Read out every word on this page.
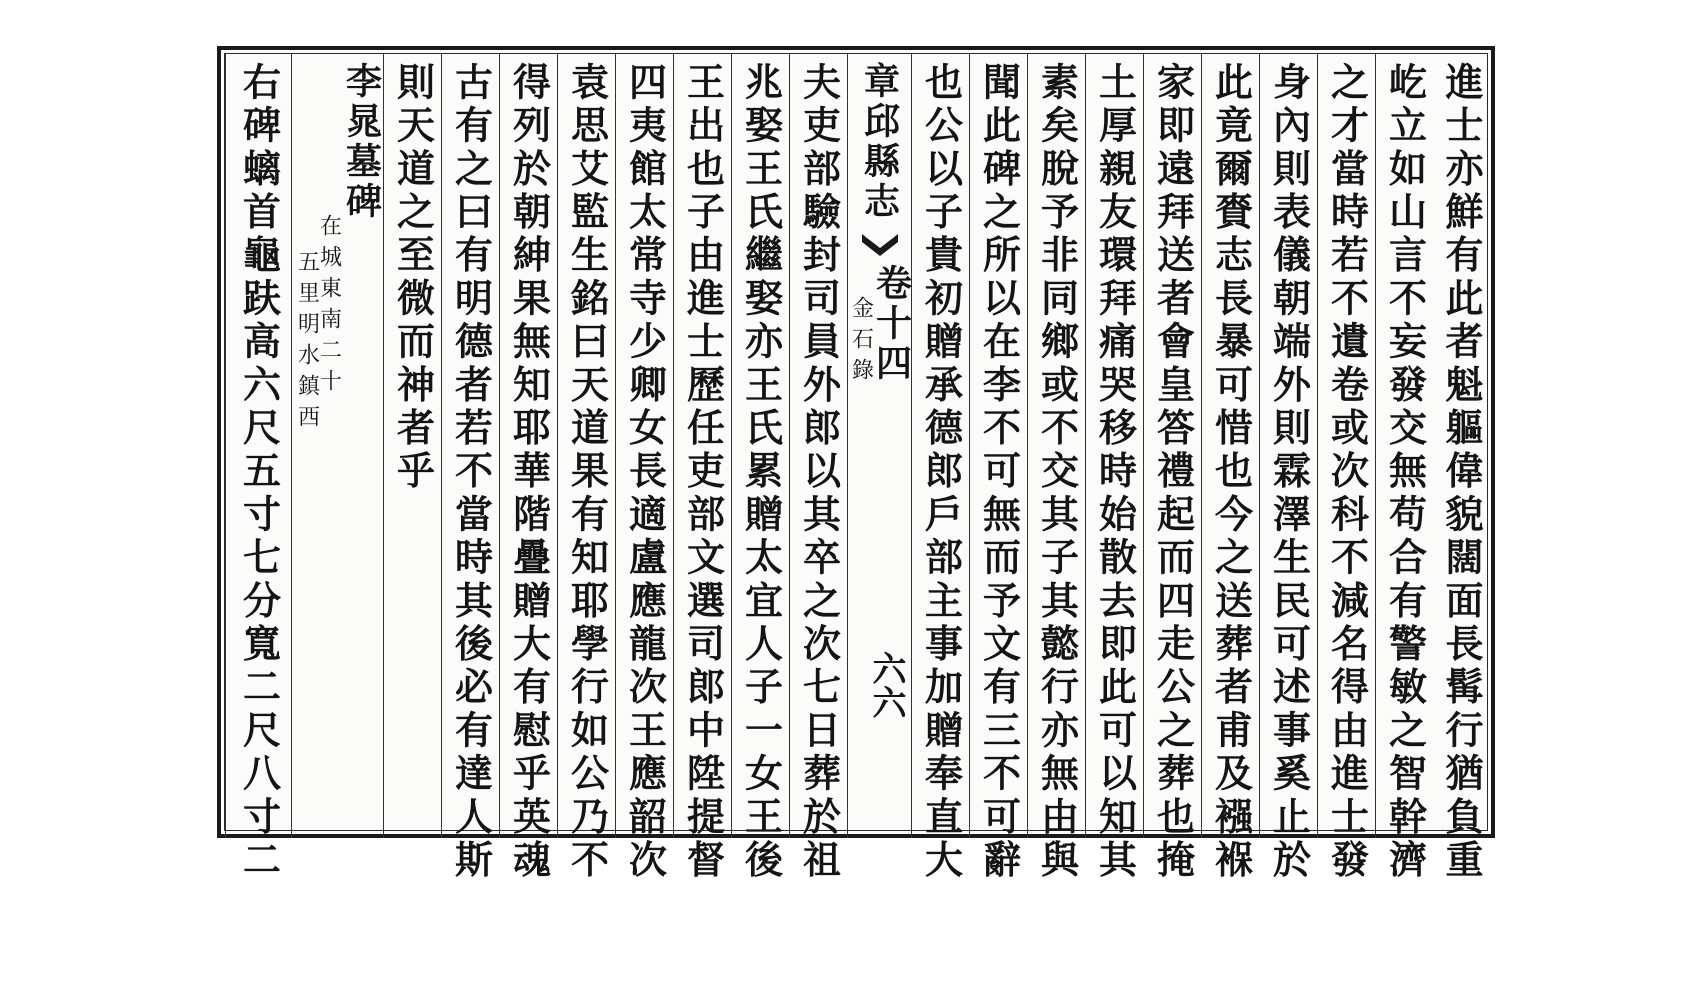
進士亦鮮有此者魁軀偉貌闊面長髯行猶負重
屹立如山言不妄發交無苟合有警敏之智幹濟
之才當時若不遺卷或次科不減名得由進士發
身內則表儀朝端外則霖澤生民可述事奚止於
此竟爾賚志長暴可惜也今之送葬者甫及襁褓
家即遠拜送者會皇答禮起而四走公之葬也掩
土厚親友環拜痛哭移時始散去即此可以知其
素矣脫予非同鄉或不交其子其懿行亦無由與
聞此碑之所以在李不可無而予文有三不可辭
也公以子貴初贈承德郎戶部主事加贈奉直大
章邱縣志
卷十四
金石錄
六六
夫吏部驗封司員外郎以其卒之次七日葬於祖
兆娶王氏繼娶亦王氏累贈太宜人子一女王後
王出也子由進士歷任吏部文選司郎中陞提督
四夷館太常寺少卿女長適盧應龍次王應韶次
袁思艾監生銘曰天道果有知耶學行如公乃不
得列於朝紳果無知耶華階疊贈大有慰乎英魂
古有之曰有明德者若不當時其後必有達人斯
則天道之至微而神者乎
李晁墓碑
在城東南二十
五里明水鎮西
右碑螭首龜趺高六尺五寸七分寬二尺八寸二
